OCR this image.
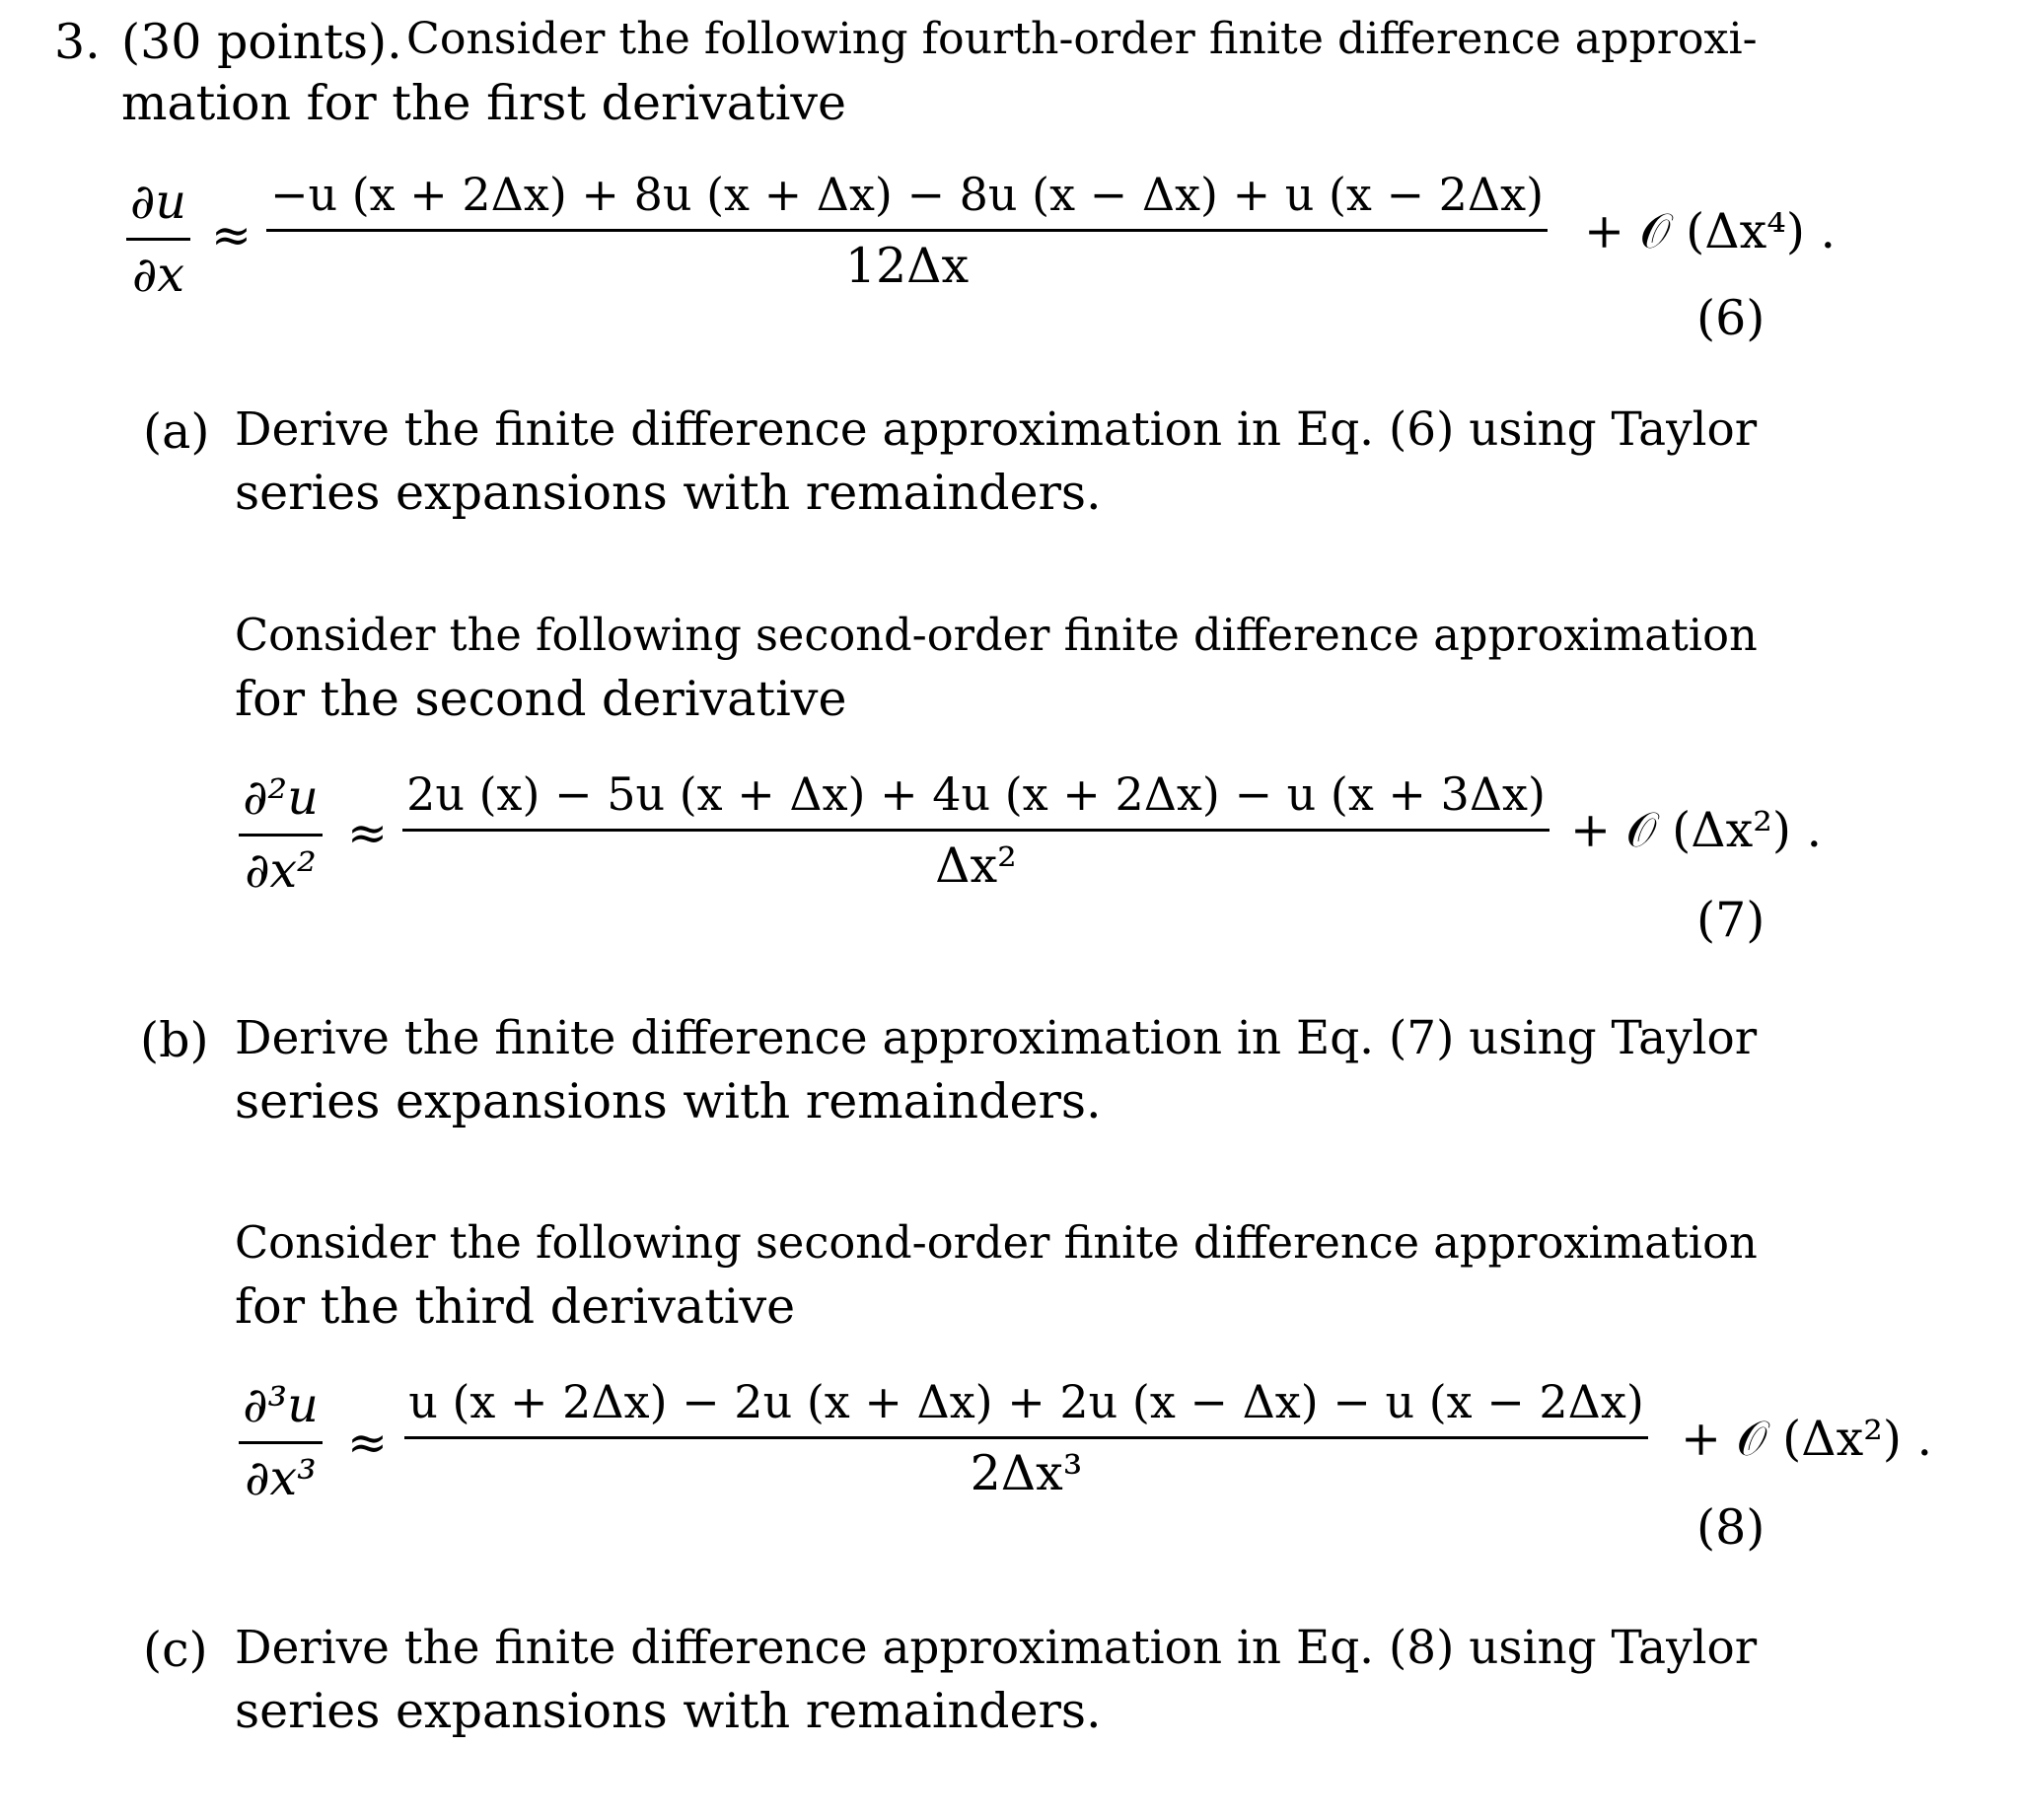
3. (30 points). Consider the following fourth-order finite difference approxi-
mation for the first derivative
∂u
∂x
≈
−u (x + 2Δx) + 8u (x + Δx) − 8u (x − Δx) + u (x − 2Δx)
12Δx
+ 𝒪 (Δx⁴) .
(6)
(a) Derive the finite difference approximation in Eq. (6) using Taylor
series expansions with remainders.
Consider the following second-order finite difference approximation
for the second derivative
∂²u
∂x²
≈
2u (x) − 5u (x + Δx) + 4u (x + 2Δx) − u (x + 3Δx)
Δx²
+ 𝒪 (Δx²) .
(7)
(b) Derive the finite difference approximation in Eq. (7) using Taylor
series expansions with remainders.
Consider the following second-order finite difference approximation
for the third derivative
∂³u
∂x³
≈
u (x + 2Δx) − 2u (x + Δx) + 2u (x − Δx) − u (x − 2Δx)
2Δx³
+ 𝒪 (Δx²) .
(8)
(c) Derive the finite difference approximation in Eq. (8) using Taylor
series expansions with remainders.
